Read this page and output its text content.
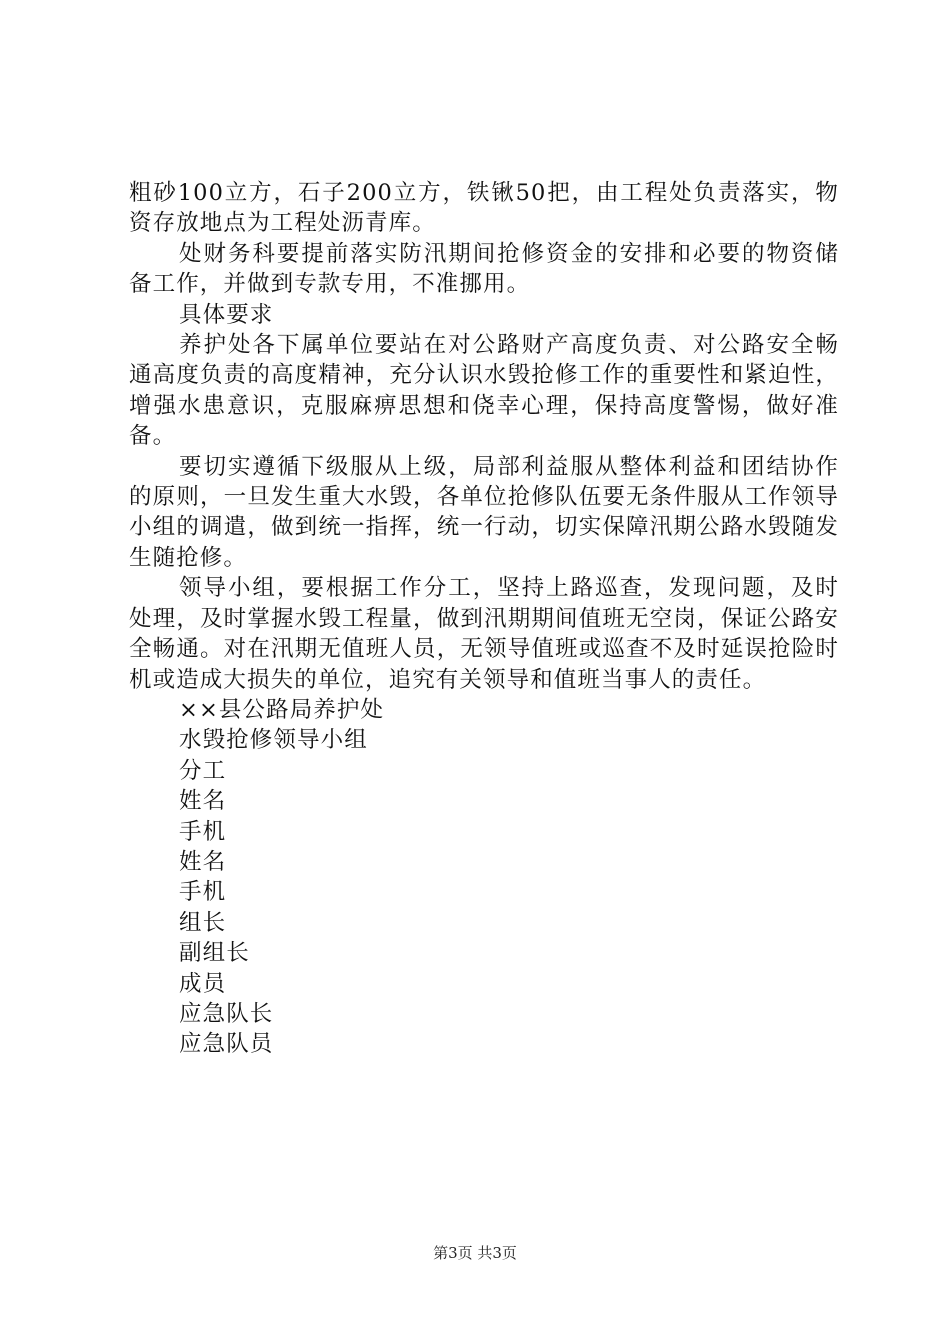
粗砂100立方，石子200立方，铁锹50把，由工程处负责落实，物资存放地点为工程处沥青库。

处财务科要提前落实防汛期间抢修资金的安排和必要的物资储备工作，并做到专款专用，不准挪用。

具体要求

养护处各下属单位要站在对公路财产高度负责、对公路安全畅通高度负责的高度精神，充分认识水毁抢修工作的重要性和紧迫性，增强水患意识，克服麻痹思想和侥幸心理，保持高度警惕，做好准备。

要切实遵循下级服从上级，局部利益服从整体利益和团结协作的原则，一旦发生重大水毁，各单位抢修队伍要无条件服从工作领导小组的调遣，做到统一指挥，统一行动，切实保障汛期公路水毁随发生随抢修。

领导小组，要根据工作分工，坚持上路巡查，发现问题，及时处理，及时掌握水毁工程量，做到汛期期间值班无空岗，保证公路安全畅通。对在汛期无值班人员，无领导值班或巡查不及时延误抢险时机或造成大损失的单位，追究有关领导和值班当事人的责任。

××县公路局养护处

水毁抢修领导小组

分工

姓名

手机

姓名

手机

组长

副组长

成员

应急队长

应急队员

第3页 共3页
